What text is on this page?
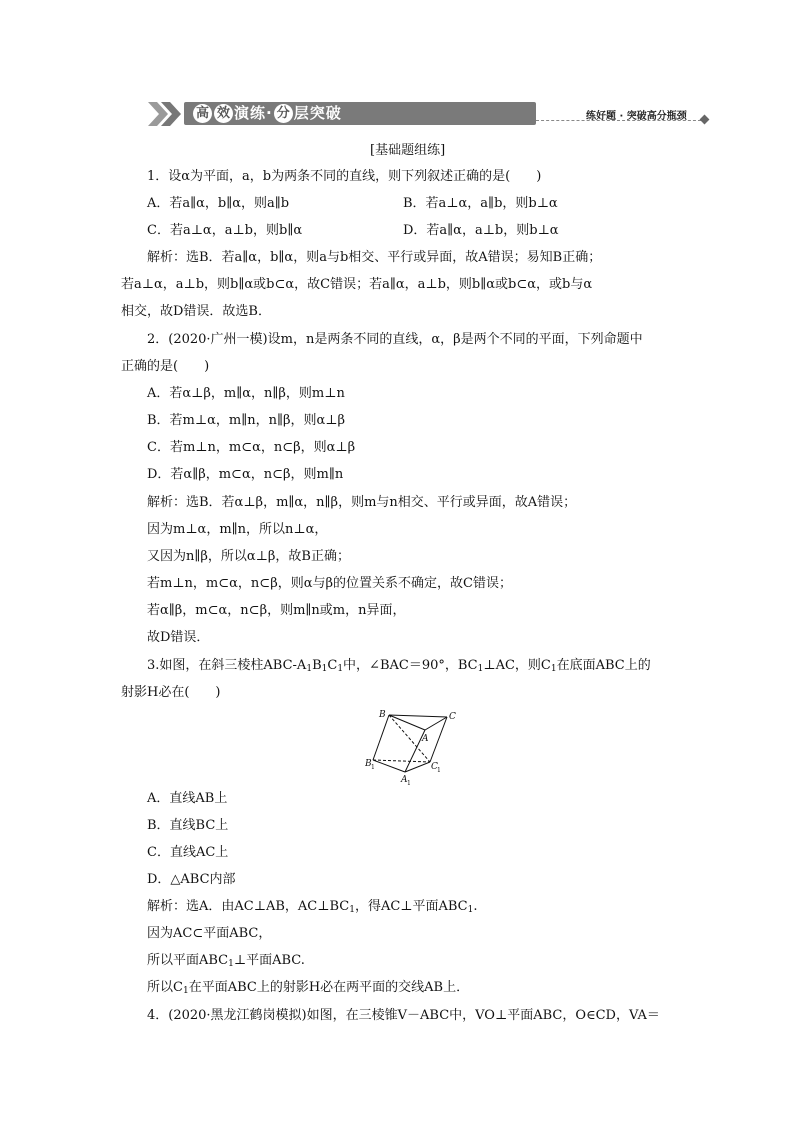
高 效 演练· 分 层突破	练好题 · 突破高分瓶颈
[基础题组练]
1．设α为平面，a，b为两条不同的直线，则下列叙述正确的是(　　)
A．若a∥α，b∥α，则a∥b	B．若a⊥α，a∥b，则b⊥α
C．若a⊥α，a⊥b，则b∥α	D．若a∥α，a⊥b，则b⊥α
解析：选B．若a∥α，b∥α，则a与b相交、平行或异面，故A错误；易知B正确；
若a⊥α，a⊥b，则b∥α或b⊂α，故C错误；若a∥α，a⊥b，则b∥α或b⊂α，或b与α
相交，故D错误．故选B．
2．(2020·广州一模)设m，n是两条不同的直线，α，β是两个不同的平面，下列命题中
正确的是(　　)
A．若α⊥β，m∥α，n∥β，则m⊥n
B．若m⊥α，m∥n，n∥β，则α⊥β
C．若m⊥n，m⊂α，n⊂β，则α⊥β
D．若α∥β，m⊂α，n⊂β，则m∥n
解析：选B．若α⊥β，m∥α，n∥β，则m与n相交、平行或异面，故A错误；
因为m⊥α，m∥n，所以n⊥α，
又因为n∥β，所以α⊥β，故B正确；
若m⊥n，m⊂α，n⊂β，则α与β的位置关系不确定，故C错误；
若α∥β，m⊂α，n⊂β，则m∥n或m，n异面，
故D错误．
3.如图，在斜三棱柱ABC-$A_1B_1C_1$中，∠BAC＝90°，$BC_1\perp AC$，则$C_1$在底面ABC上的
射影H必在(　　)
B	C
A
B 1	C 1
A 1
A．直线AB上
B．直线BC上
C．直线AC上
D．△ABC内部
解析：选A．由AC⊥AB，$AC\perp BC_1$，得AC⊥平面$ABC_1$.
因为AC⊂平面ABC，
所以平面$ABC_1\perp$平面ABC.
所以$C_1$在平面ABC上的射影H必在两平面的交线AB上．
4．(2020·黑龙江鹤岗模拟)如图，在三棱锥V－ABC中，VO⊥平面ABC，O∈CD，VA＝
